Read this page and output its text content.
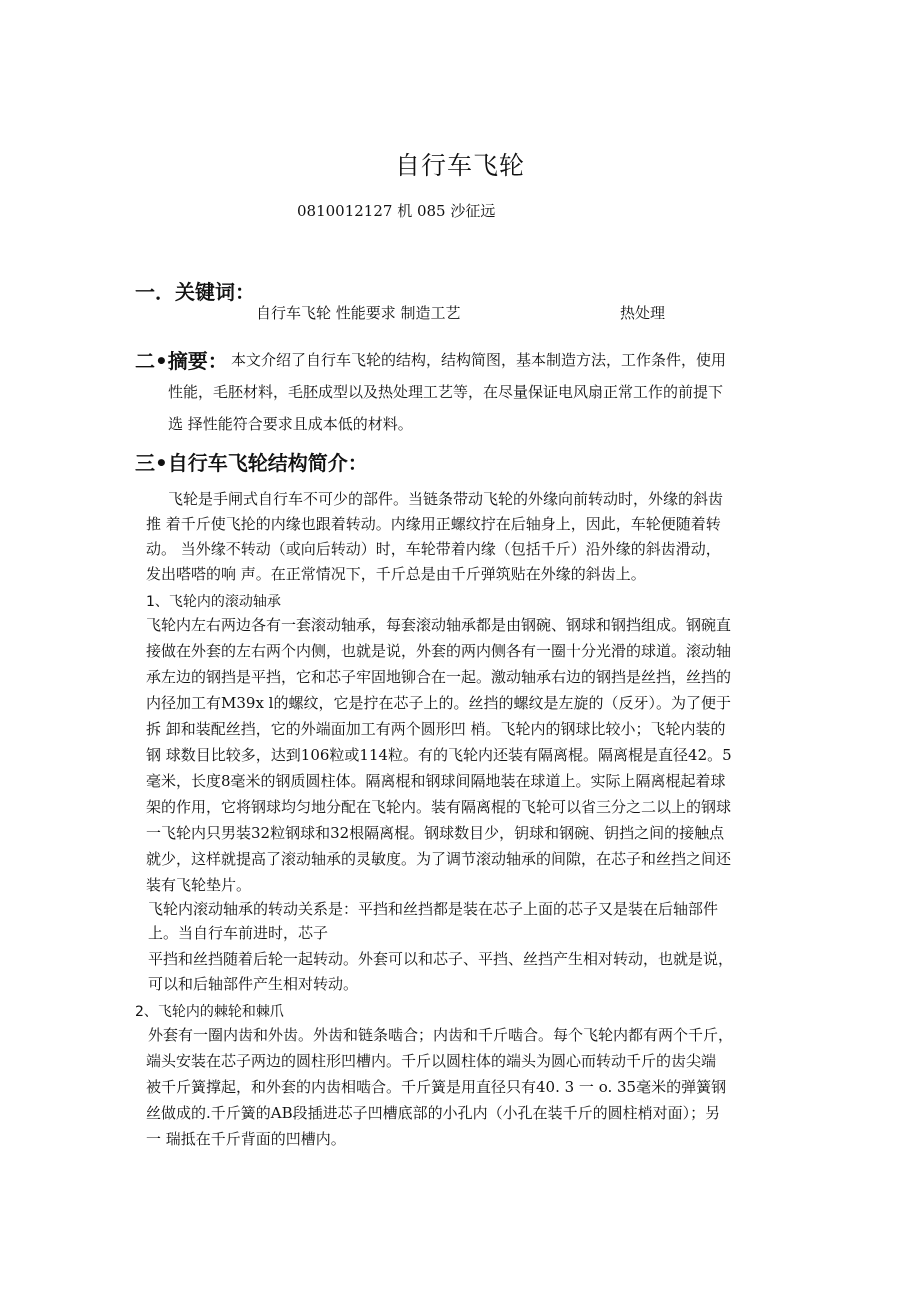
自行车飞轮
0810012127 机 085 沙征远
一．关键词：
自行车飞轮 性能要求 制造工艺	热处理
二•摘要： 本文介绍了自行车飞轮的结构，结构简图，基本制造方法，工作条件，使用
性能，毛胚材料，毛胚成型以及热处理工艺等，在尽量保证电风扇正常工作的前提下
选 择性能符合要求且成本低的材料。
三•自行车飞轮结构简介：
飞轮是手闸式自行车不可少的部件。当链条带动飞轮的外缘向前转动时，外缘的斜齿
推 着千斤使飞抡的内缘也跟着转动。内缘用正螺纹拧在后轴身上，因此，车轮便随着转
动。 当外缘不转动（或向后转动）时，车轮带着内缘（包括千斤）沿外缘的斜齿滑动，
发出嗒嗒的响 声。在正常情况下，千斤总是由千斤弹筑贴在外缘的斜齿上。
1、飞轮内的滚动轴承
飞轮内左右两边各有一套滚动轴承，每套滚动轴承都是由钢碗、钢球和钢挡组成。钢碗直
接做在外套的左右两个内侧，也就是说，外套的两内侧各有一圈十分光滑的球道。滚动轴
承左边的钢挡是平挡，它和芯子牢固地铆合在一起。激动轴承右边的钢挡是丝挡，丝挡的
内径加工有M39x l的螺纹，它是拧在芯子上的。丝挡的螺纹是左旋的（反牙）。为了便于
拆 卸和装配丝挡，它的外端面加工有两个圆形凹 梢。飞轮内的钢球比较小；飞轮内装的
钢 球数目比较多，达到106粒或114粒。有的飞轮内还装有隔离棍。隔离棍是直径42。5
毫米，长度8毫米的钢质圆柱体。隔离棍和钢球间隔地装在球道上。实际上隔离棍起着球
架的作用，它将钢球均匀地分配在飞轮内。装有隔离棍的飞轮可以省三分之二以上的钢球
一飞轮内只男装32粒钢球和32根隔离棍。钢球数目少，钥球和钢碗、钥挡之间的接触点
就少，这样就提高了滚动轴承的灵敏度。为了调节滚动轴承的间隙，在芯子和丝挡之间还
装有飞轮垫片。
飞轮内滚动轴承的转动关系是：平挡和丝挡都是装在芯子上面的芯子又是装在后轴部件
上。当自行车前进时，芯子
平挡和丝挡随着后轮一起转动。外套可以和芯子、平挡、丝挡产生相对转动，也就是说，
可以和后轴部件产生相对转动。
2、飞轮内的棘轮和棘爪
外套有一圈内齿和外齿。外齿和链条啮合；内齿和千斤啮合。每个飞轮内都有两个千斤，
端头安装在芯子两边的圆柱形凹槽内。千斤以圆柱体的端头为圆心而转动千斤的齿尖端
被千斤簧撑起，和外套的内齿相啮合。千斤簧是用直径只有40. 3 一 o. 35毫米的弹簧钢
丝做成的.千斤簧的AB段插进芯子凹槽底部的小孔内（小孔在装千斤的圆柱梢对面）；另
一 瑞抵在千斤背面的凹槽内。
